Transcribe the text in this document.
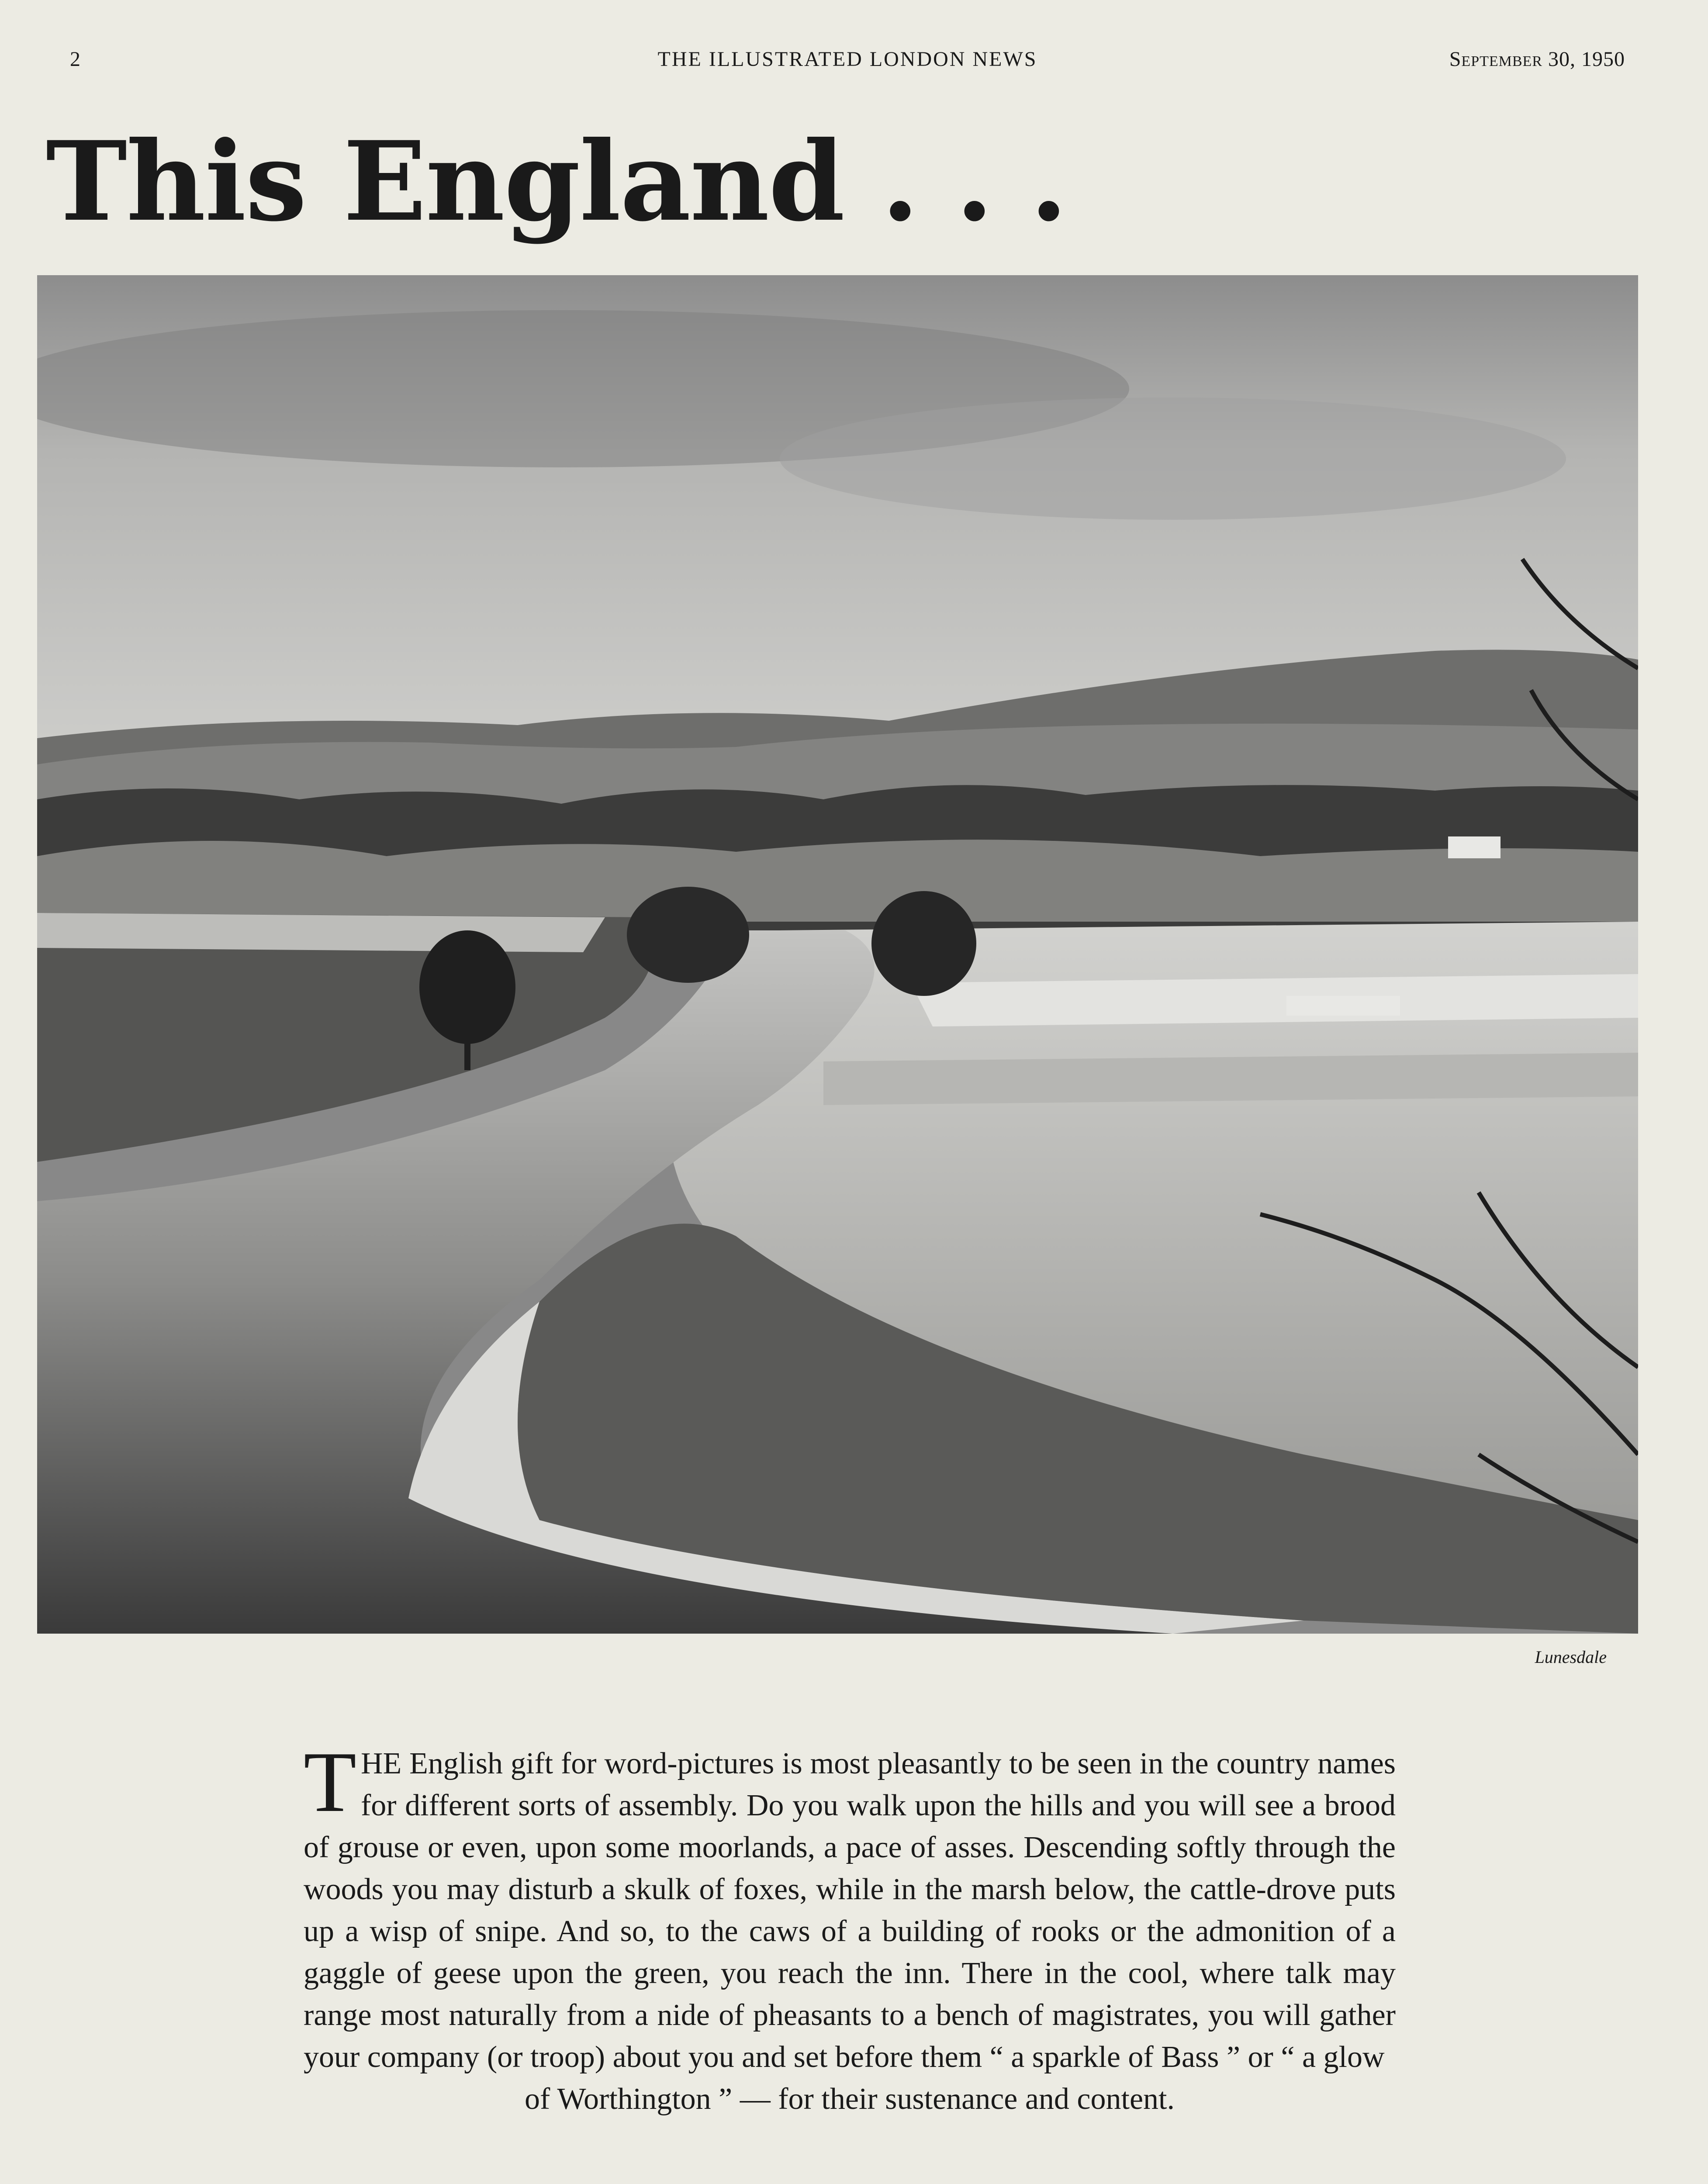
2	THE ILLUSTRATED LONDON NEWS	September 30, 1950
This England . . .
Lunesdale
THE English gift for word-pictures is most pleasantly to be seen in the country names for different sorts of assembly. Do you walk upon the hills and you will see a brood of grouse or even, upon some moorlands, a pace of asses. Descending softly through the woods you may disturb a skulk of foxes, while in the marsh below, the cattle-drove puts up a wisp of snipe. And so, to the caws of a building of rooks or the admonition of a gaggle of geese upon the green, you reach the inn. There in the cool, where talk may range most naturally from a nide of pheasants to a bench of magistrates, you will gather your company (or troop) about you and set before them “ a sparkle of Bass ” or “ a glow
of Worthington ” — for their sustenance and content.
